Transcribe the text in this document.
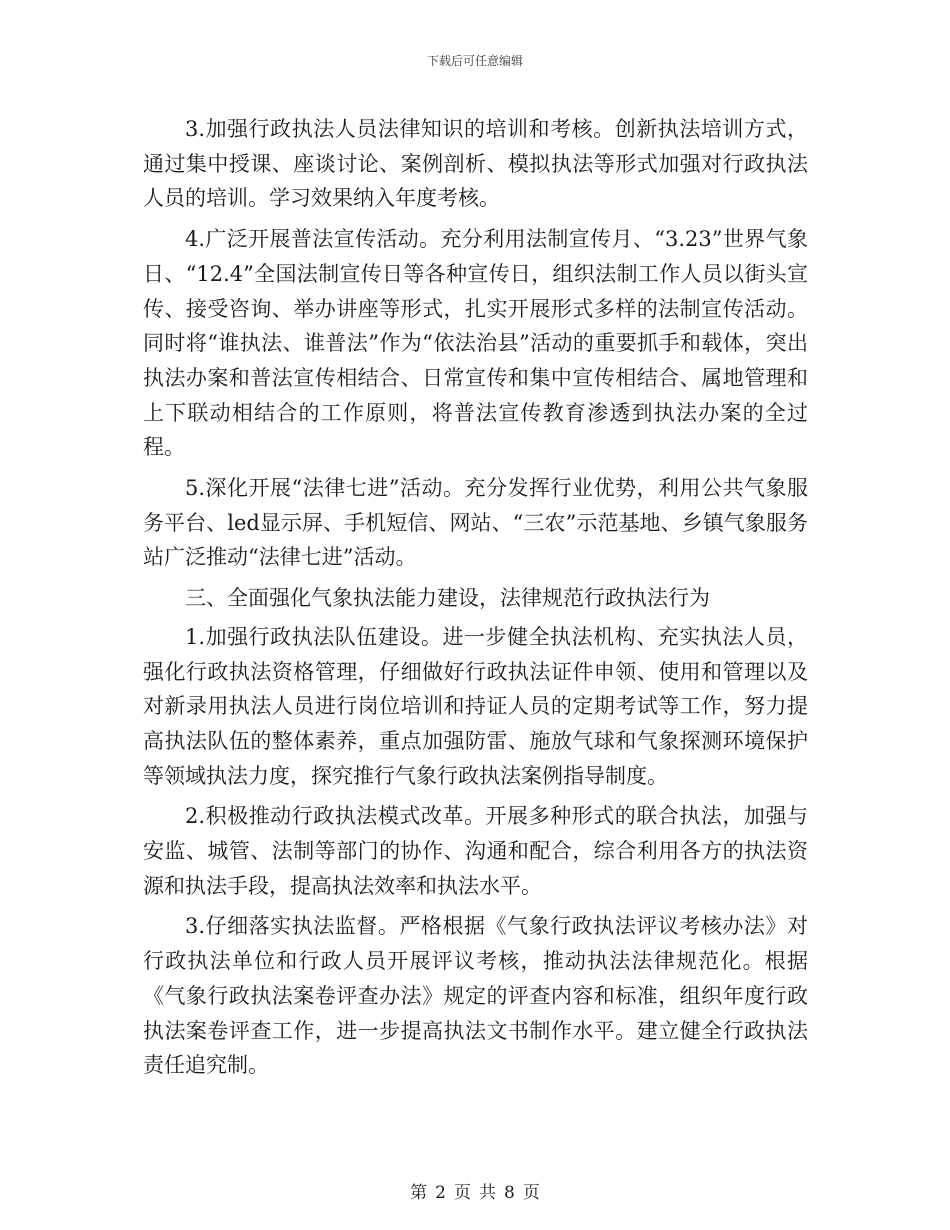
下载后可任意编辑

3.加强行政执法人员法律知识的培训和考核。创新执法培训方式，通过集中授课、座谈讨论、案例剖析、模拟执法等形式加强对行政执法人员的培训。学习效果纳入年度考核。

4.广泛开展普法宣传活动。充分利用法制宣传月、“3.23”世界气象日、“12.4”全国法制宣传日等各种宣传日，组织法制工作人员以街头宣传、接受咨询、举办讲座等形式，扎实开展形式多样的法制宣传活动。同时将“谁执法、谁普法”作为“依法治县”活动的重要抓手和载体，突出执法办案和普法宣传相结合、日常宣传和集中宣传相结合、属地管理和上下联动相结合的工作原则，将普法宣传教育渗透到执法办案的全过程。

5.深化开展“法律七进”活动。充分发挥行业优势，利用公共气象服务平台、led显示屏、手机短信、网站、“三农”示范基地、乡镇气象服务站广泛推动“法律七进”活动。

三、全面强化气象执法能力建设，法律规范行政执法行为

1.加强行政执法队伍建设。进一步健全执法机构、充实执法人员，强化行政执法资格管理，仔细做好行政执法证件申领、使用和管理以及对新录用执法人员进行岗位培训和持证人员的定期考试等工作，努力提高执法队伍的整体素养，重点加强防雷、施放气球和气象探测环境保护等领域执法力度，探究推行气象行政执法案例指导制度。

2.积极推动行政执法模式改革。开展多种形式的联合执法，加强与安监、城管、法制等部门的协作、沟通和配合，综合利用各方的执法资源和执法手段，提高执法效率和执法水平。

3.仔细落实执法监督。严格根据《气象行政执法评议考核办法》对行政执法单位和行政人员开展评议考核，推动执法法律规范化。根据《气象行政执法案卷评查办法》规定的评查内容和标准，组织年度行政执法案卷评查工作，进一步提高执法文书制作水平。建立健全行政执法责任追究制。

第 2 页 共 8 页
